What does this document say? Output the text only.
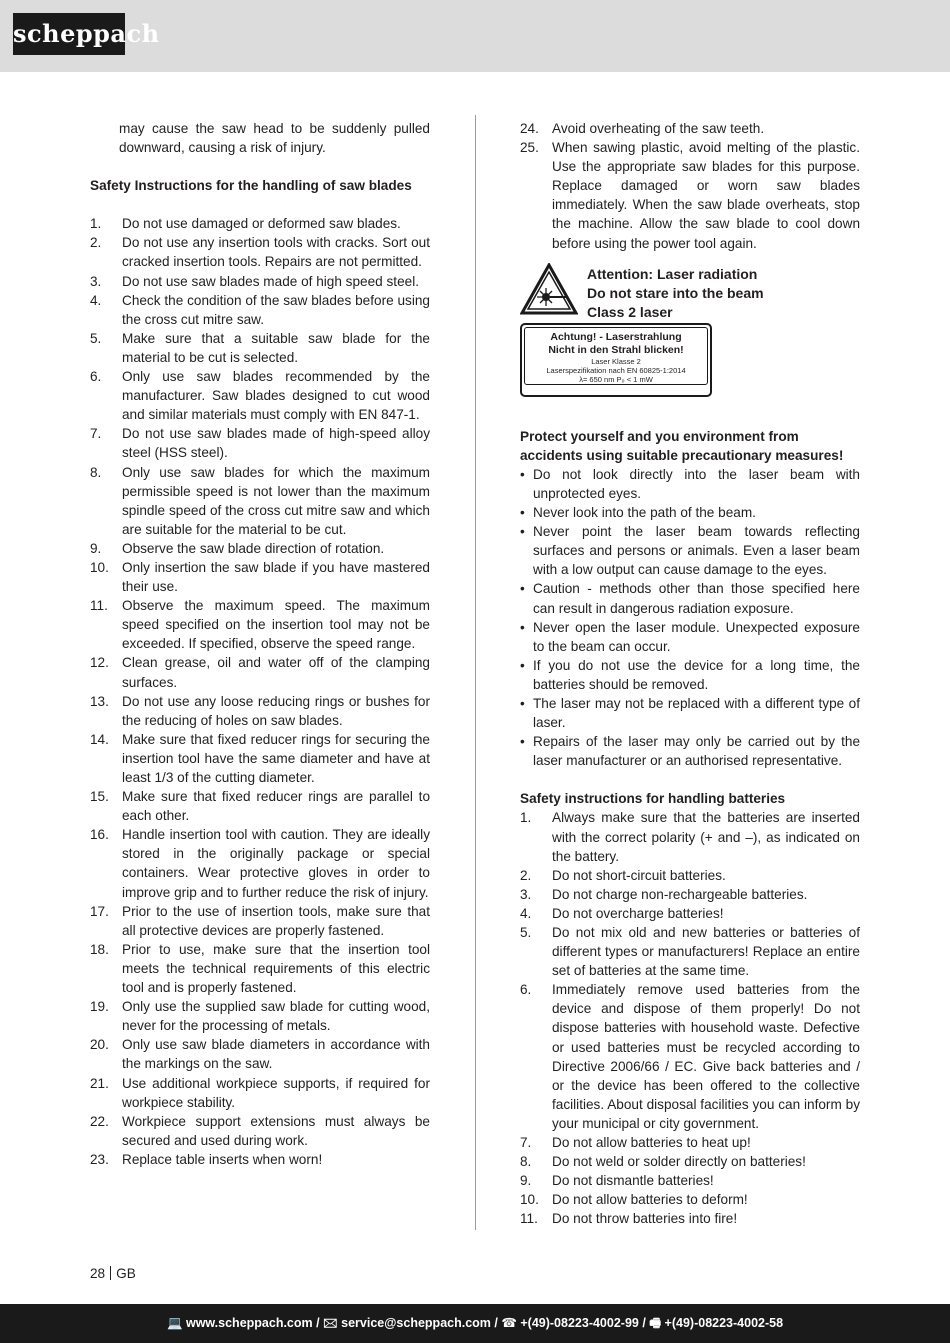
scheppach

may cause the saw head to be suddenly pulled downward, causing a risk of injury.

Safety Instructions for the handling of saw blades
1. Do not use damaged or deformed saw blades.
2. Do not use any insertion tools with cracks. Sort out cracked insertion tools. Repairs are not permitted.
3. Do not use saw blades made of high speed steel.
4. Check the condition of the saw blades before using the cross cut mitre saw.
5. Make sure that a suitable saw blade for the material to be cut is selected.
6. Only use saw blades recommended by the manufacturer. Saw blades designed to cut wood and similar materials must comply with EN 847-1.
7. Do not use saw blades made of high-speed alloy steel (HSS steel).
8. Only use saw blades for which the maximum permissible speed is not lower than the maximum spindle speed of the cross cut mitre saw and which are suitable for the material to be cut.
9. Observe the saw blade direction of rotation.
10. Only insertion the saw blade if you have mastered their use.
11. Observe the maximum speed. The maximum speed specified on the insertion tool may not be exceeded. If specified, observe the speed range.
12. Clean grease, oil and water off of the clamping surfaces.
13. Do not use any loose reducing rings or bushes for the reducing of holes on saw blades.
14. Make sure that fixed reducer rings for securing the insertion tool have the same diameter and have at least 1/3 of the cutting diameter.
15. Make sure that fixed reducer rings are parallel to each other.
16. Handle insertion tool with caution. They are ideally stored in the originally package or special containers. Wear protective gloves in order to improve grip and to further reduce the risk of injury.
17. Prior to the use of insertion tools, make sure that all protective devices are properly fastened.
18. Prior to use, make sure that the insertion tool meets the technical requirements of this electric tool and is properly fastened.
19. Only use the supplied saw blade for cutting wood, never for the processing of metals.
20. Only use saw blade diameters in accordance with the markings on the saw.
21. Use additional workpiece supports, if required for workpiece stability.
22. Workpiece support extensions must always be secured and used during work.
23. Replace table inserts when worn!
24. Avoid overheating of the saw teeth.
25. When sawing plastic, avoid melting of the plastic. Use the appropriate saw blades for this purpose. Replace damaged or worn saw blades immediately. When the saw blade overheats, stop the machine. Allow the saw blade to cool down before using the power tool again.
Attention: Laser radiation
Do not stare into the beam
Class 2 laser
Achtung! - Laserstrahlung
Nicht in den Strahl blicken!
Laser Klasse 2
Laserspezifikation nach EN 60825-1:2014
λ= 650 nm P₀ < 1 mW
Protect yourself and you environment from accidents using suitable precautionary measures!
• Do not look directly into the laser beam with unprotected eyes.
• Never look into the path of the beam.
• Never point the laser beam towards reflecting surfaces and persons or animals. Even a laser beam with a low output can cause damage to the eyes.
• Caution - methods other than those specified here can result in dangerous radiation exposure.
• Never open the laser module. Unexpected exposure to the beam can occur.
• If you do not use the device for a long time, the batteries should be removed.
• The laser may not be replaced with a different type of laser.
• Repairs of the laser may only be carried out by the laser manufacturer or an authorised representative.
Safety instructions for handling batteries
1. Always make sure that the batteries are inserted with the correct polarity (+ and –), as indicated on the battery.
2. Do not short-circuit batteries.
3. Do not charge non-rechargeable batteries.
4. Do not overcharge batteries!
5. Do not mix old and new batteries or batteries of different types or manufacturers! Replace an entire set of batteries at the same time.
6. Immediately remove used batteries from the device and dispose of them properly! Do not dispose batteries with household waste. Defective or used batteries must be recycled according to Directive 2006/66 / EC. Give back batteries and / or the device has been offered to the collective facilities. About disposal facilities you can inform by your municipal or city government.
7. Do not allow batteries to heat up!
8. Do not weld or solder directly on batteries!
9. Do not dismantle batteries!
10. Do not allow batteries to deform!
11. Do not throw batteries into fire!
28 GB
💻 www.scheppach.com / 🖂 service@scheppach.com / ☎ +(49)-08223-4002-99 / 🖷 +(49)-08223-4002-58
